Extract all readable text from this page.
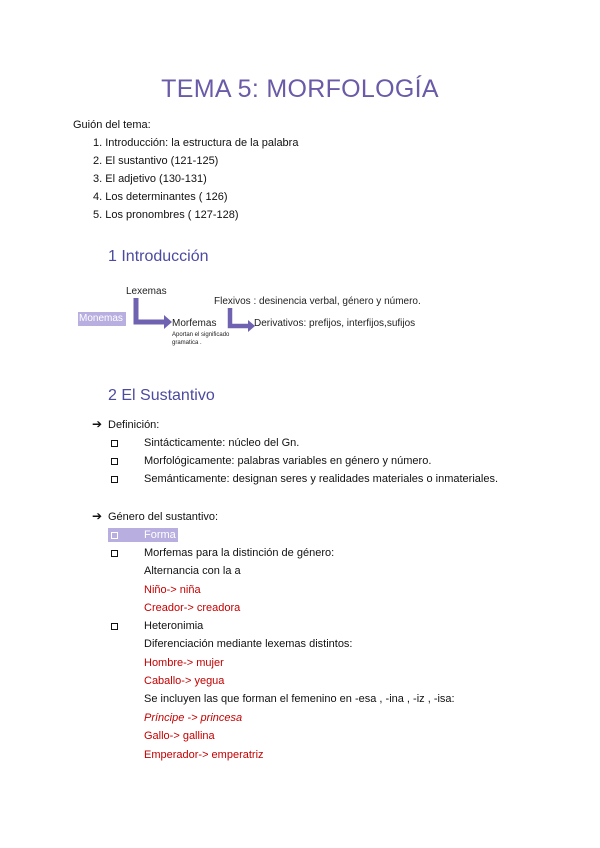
TEMA 5: MORFOLOGÍA
Guión del tema:
1. Introducción: la estructura de la palabra
2. El sustantivo (121-125)
3. El adjetivo (130-131)
4. Los determinantes ( 126)
5. Los pronombres ( 127-128)
1 Introducción
Monemas
Lexemas
Morfemas
Aportan el significado
gramatica .
Flexivos : desinencia verbal, género y número.
Derivativos: prefijos, interfijos,sufijos
2 El Sustantivo
➔ Definición:
Sintácticamente: núcleo del Gn.
Morfológicamente: palabras variables en género y número.
Semánticamente: designan seres y realidades materiales o inmateriales.
➔ Género del sustantivo:
Forma
Morfemas para la distinción de género:
Alternancia con la a
Niño-> niña
Creador-> creadora
Heteronimia
Diferenciación mediante lexemas distintos:
Hombre-> mujer
Caballo-> yegua
Se incluyen las que forman el femenino en -esa , -ina , -iz , -isa:
Príncipe -> princesa
Gallo-> gallina
Emperador-> emperatriz
